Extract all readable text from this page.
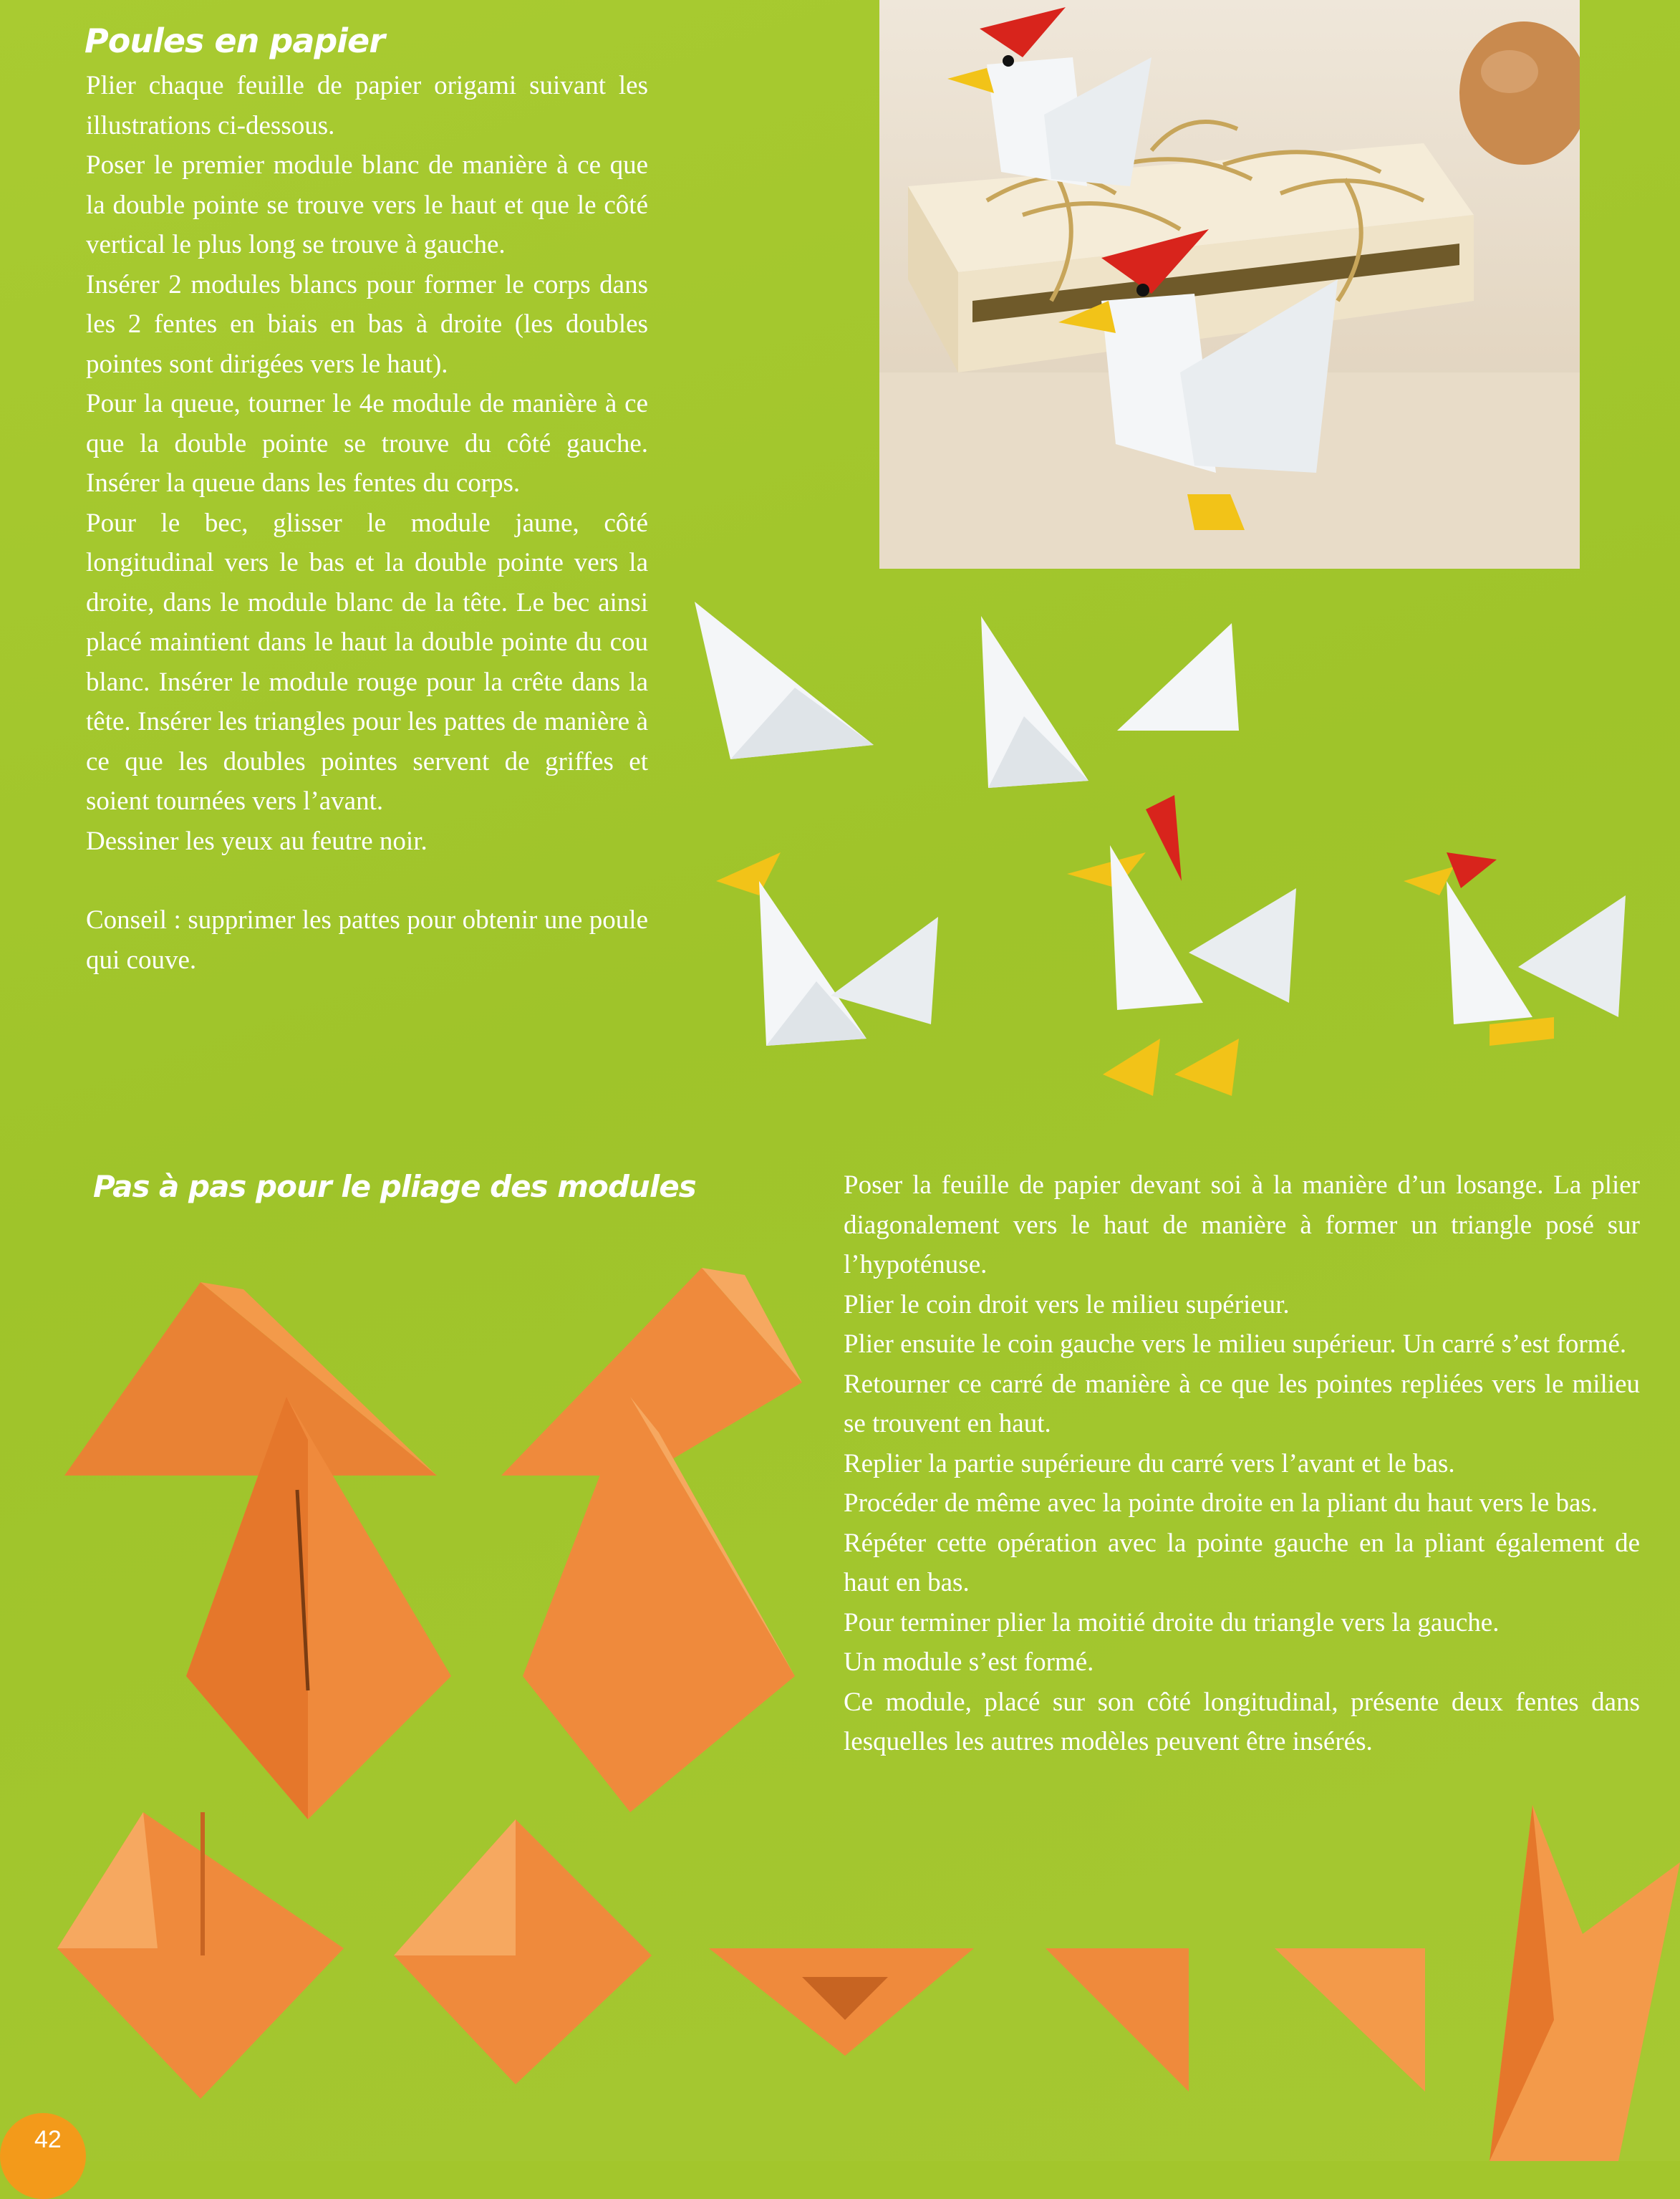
Poules en papier

Plier chaque feuille de papier origami suivant les illustrations ci-dessous.

Poser le premier module blanc de manière à ce que la double pointe se trouve vers le haut et que le côté vertical le plus long se trouve à gauche.

Insérer 2 modules blancs pour former le corps dans les 2 fentes en biais en bas à droite (les doubles pointes sont dirigées vers le haut).

Pour la queue, tourner le 4e module de manière à ce que la double pointe se trouve du côté gauche. Insérer la queue dans les fentes du corps.

Pour le bec, glisser le module jaune, côté longitudinal vers le bas et la double pointe vers la droite, dans le module blanc de la tête. Le bec ainsi placé maintient dans le haut la double pointe du cou blanc. Insérer le module rouge pour la crête dans la tête. Insérer les triangles pour les pattes de manière à ce que les doubles pointes servent de griffes et soient tournées vers l’avant.

Dessiner les yeux au feutre noir.

Conseil : supprimer les pattes pour obtenir une poule qui couve.

Pas à pas pour le pliage des modules	Poser la feuille de papier devant soi à la manière d’un losange. La plier diagonalement vers le haut de manière à former un triangle posé sur l’hypoténuse.

Plier le coin droit vers le milieu supérieur.

Plier ensuite le coin gauche vers le milieu supérieur. Un carré s’est formé.

Retourner ce carré de manière à ce que les pointes repliées vers le milieu se trouvent en haut.

Replier la partie supérieure du carré vers l’avant et le bas.

Procéder de même avec la pointe droite en la pliant du haut vers le bas.

Répéter cette opération avec la pointe gauche en la pliant également de haut en bas.

Pour terminer plier la moitié droite du triangle vers la gauche.

Un module s’est formé.

Ce module, placé sur son côté longitudinal, présente deux fentes dans lesquelles les autres modèles peuvent être insérés.

42
